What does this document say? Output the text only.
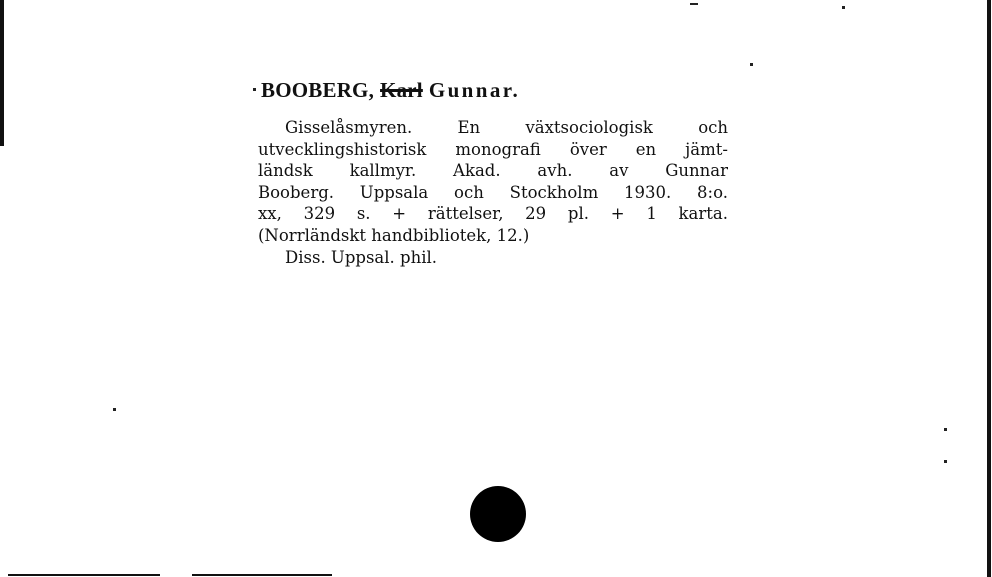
BOOBERG, Karl Gunnar.
Gisselåsmyren. En växtsociologisk och
utvecklingshistorisk monografi över en jämt-
ländsk kallmyr. Akad. avh. av Gunnar
Booberg. Uppsala och Stockholm 1930. 8:o.
xx, 329 s. + rättelser, 29 pl. + 1 karta.
(Norrländskt handbibliotek, 12.)
Diss. Uppsal. phil.
